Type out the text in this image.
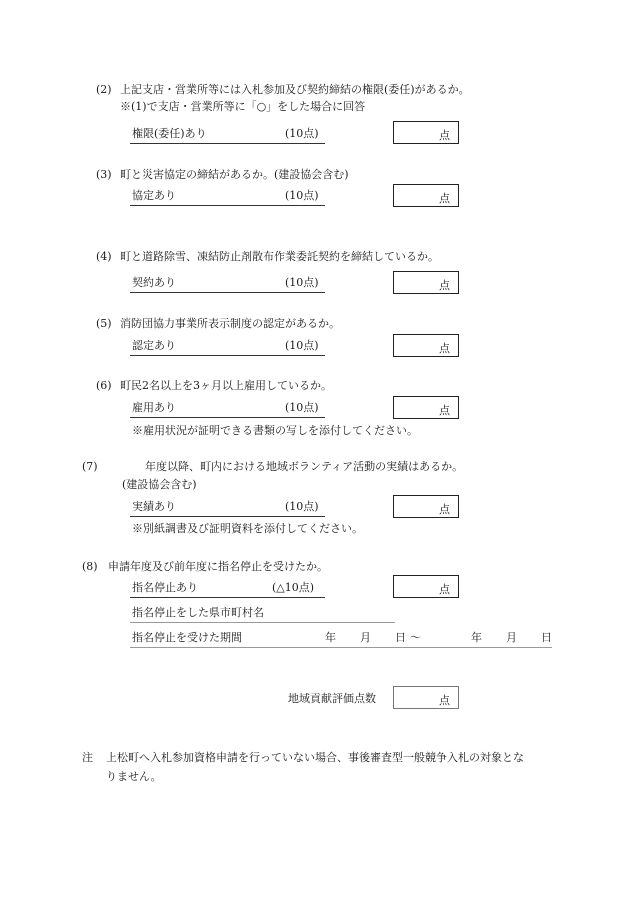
(2) 上記支店・営業所等には入札参加及び契約締結の権限(委任)があるか。
※(1)で支店・営業所等に「○」をした場合に回答
権限(委任)あり	(10点)	点
(3) 町と災害協定の締結があるか。(建設協会含む)
協定あり	(10点)	点
(4) 町と道路除雪、凍結防止剤散布作業委託契約を締結しているか。
契約あり	(10点)	点
(5) 消防団協力事業所表示制度の認定があるか。
認定あり	(10点)	点
(6) 町民2名以上を3ヶ月以上雇用しているか。
雇用あり	(10点)	点
※雇用状況が証明できる書類の写しを添付してください。
(7)	年度以降、町内における地域ボランティア活動の実績はあるか。
(建設協会含む)
実績あり	(10点)	点
※別紙調書及び証明資料を添付してください。
(8) 申請年度及び前年度に指名停止を受けたか。
指名停止あり	(△10点)	点
指名停止をした県市町村名
指名停止を受けた期間	年 月 日 ～	年 月 日
地域貢献評価点数	点
注 上松町へ入札参加資格申請を行っていない場合、事後審査型一般競争入札の対象とな
りません。
